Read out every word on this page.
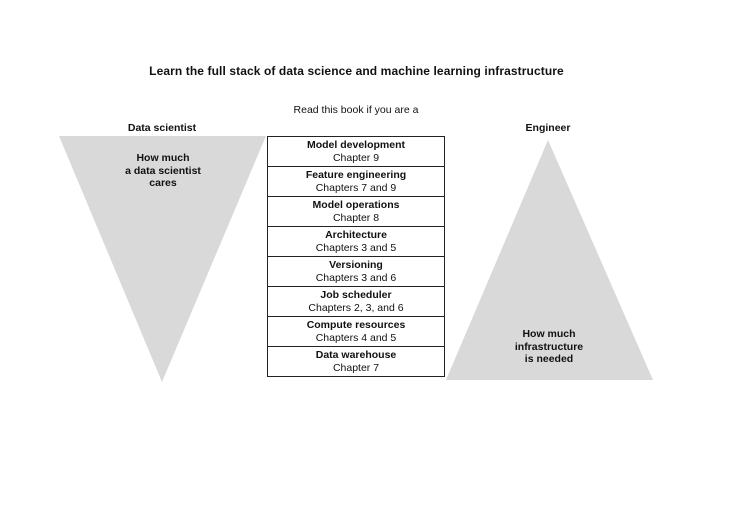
Learn the full stack of data science and machine learning infrastructure
Read this book if you are a
Data scientist	Engineer
How much
a data scientist
cares
How much
infrastructure
is needed
Model development
Chapter 9
Feature engineering
Chapters 7 and 9
Model operations
Chapter 8
Architecture
Chapters 3 and 5
Versioning
Chapters 3 and 6
Job scheduler
Chapters 2, 3, and 6
Compute resources
Chapters 4 and 5
Data warehouse
Chapter 7
